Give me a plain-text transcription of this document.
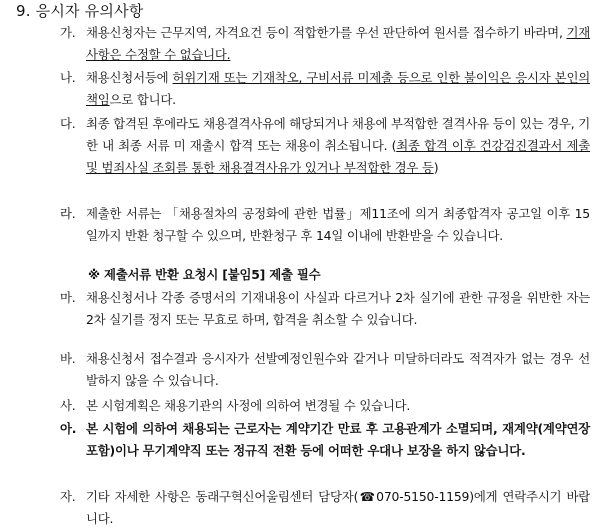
9. 응시자 유의사항
가. 채용신청자는 근무지역, 자격요건 등이 적합한가를 우선 판단하여 원서를 접수하기 바라며, 기재사항은 수정할 수 없습니다.
나. 채용신청서등에 허위기재 또는 기재착오, 구비서류 미제출 등으로 인한 불이익은 응시자 본인의 책임으로 합니다.
다. 최종 합격된 후에라도 채용결격사유에 해당되거나 채용에 부적합한 결격사유 등이 있는 경우, 기한 내 최종 서류 미 재출시 합격 또는 채용이 취소됩니다. (최종 합격 이후 건강검진결과서 제출 및 범죄사실 조회를 통한 채용결격사유가 있거나 부적합한 경우 등)
라. 제출한 서류는 「채용절차의 공정화에 관한 법률」제11조에 의거 최종합격자 공고일 이후 15일까지 반환 청구할 수 있으며, 반환청구 후 14일 이내에 반환받을 수 있습니다.
※ 제출서류 반환 요청시 [붙임5] 제출 필수
마. 채용신청서나 각종 증명서의 기재내용이 사실과 다르거나 2차 실기에 관한 규정을 위반한 자는 2차 실기를 정지 또는 무효로 하며, 합격을 취소할 수 있습니다.
바. 채용신청서 접수결과 응시자가 선발예정인원수와 같거나 미달하더라도 적격자가 없는 경우 선발하지 않을 수 있습니다.
사. 본 시험계획은 채용기관의 사정에 의하여 변경될 수 있습니다.
아. 본 시험에 의하여 채용되는 근로자는 계약기간 만료 후 고용관계가 소멸되며, 재계약(계약연장 포함)이나 무기계약직 또는 정규직 전환 등에 어떠한 우대나 보장을 하지 않습니다.
자. 기타 자세한 사항은 동래구혁신어울림센터 담당자(☎070-5150-1159)에게 연락주시기 바랍니다.
